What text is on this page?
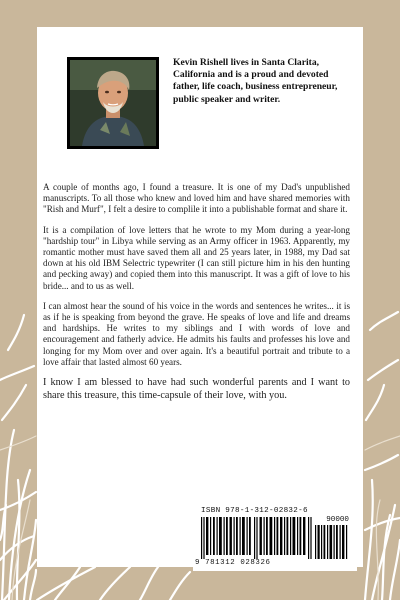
Kevin Rishell lives in Santa Clarita, California and is a proud and devoted father, life coach, business entrepreneur, public speaker and writer.

A couple of months ago, I found a treasure. It is one of my Dad's unpublished manuscripts. To all those who knew and loved him and have shared memories with "Rish and Murf", I felt a desire to complile it into a publishable format and share it.

It is a compilation of love letters that he wrote to my Mom during a year-long "hardship tour" in Libya while serving as an Army officer in 1963. Apparently, my romantic mother must have saved them all and 25 years later, in 1988, my Dad sat down at his old IBM Selectric typewriter (I can still picture him in his den hunting and pecking away) and copied them into this manuscript. It was a gift of love to his bride... and to us as well.

I can almost hear the sound of his voice in the words and sentences he writes... it is as if he is speaking from beyond the grave. He speaks of love and life and dreams and hardships. He writes to my siblings and I with words of love and encouragement and fatherly advice. He admits his faults and professes his love and longing for my Mom over and over again. It's a beautiful portrait and tribute to a love affair that lasted almost 60 years.

I know I am blessed to have had such wonderful parents and I want to share this treasure, this time-capsule of their love, with you.

ID: 14309398
www.lulu.com
ISBN 978-1-312-02832-6
90000
9 781312 028326
